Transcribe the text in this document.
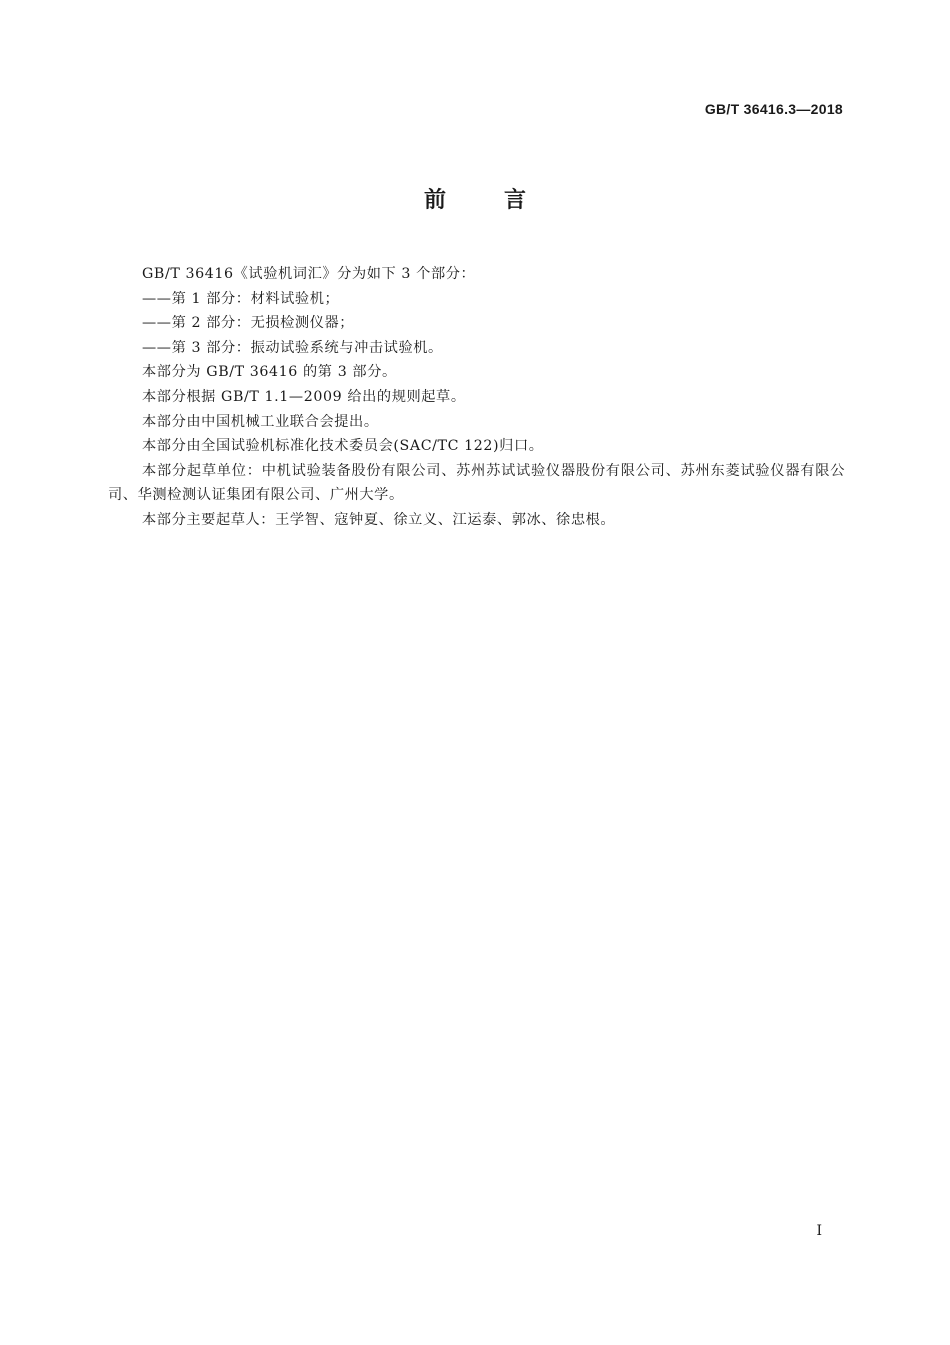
GB/T 36416.3—2018
前言

GB/T 36416《试验机词汇》分为如下 3 个部分：

——第 1 部分：材料试验机；

——第 2 部分：无损检测仪器；

——第 3 部分：振动试验系统与冲击试验机。

本部分为 GB/T 36416 的第 3 部分。

本部分根据 GB/T 1.1—2009 给出的规则起草。

本部分由中国机械工业联合会提出。

本部分由全国试验机标准化技术委员会(SAC/TC 122)归口。

本部分起草单位：中机试验装备股份有限公司、苏州苏试试验仪器股份有限公司、苏州东菱试验仪器有限公司、华测检测认证集团有限公司、广州大学。

本部分主要起草人：王学智、寇钟夏、徐立义、江运泰、郭冰、徐忠根。

I
